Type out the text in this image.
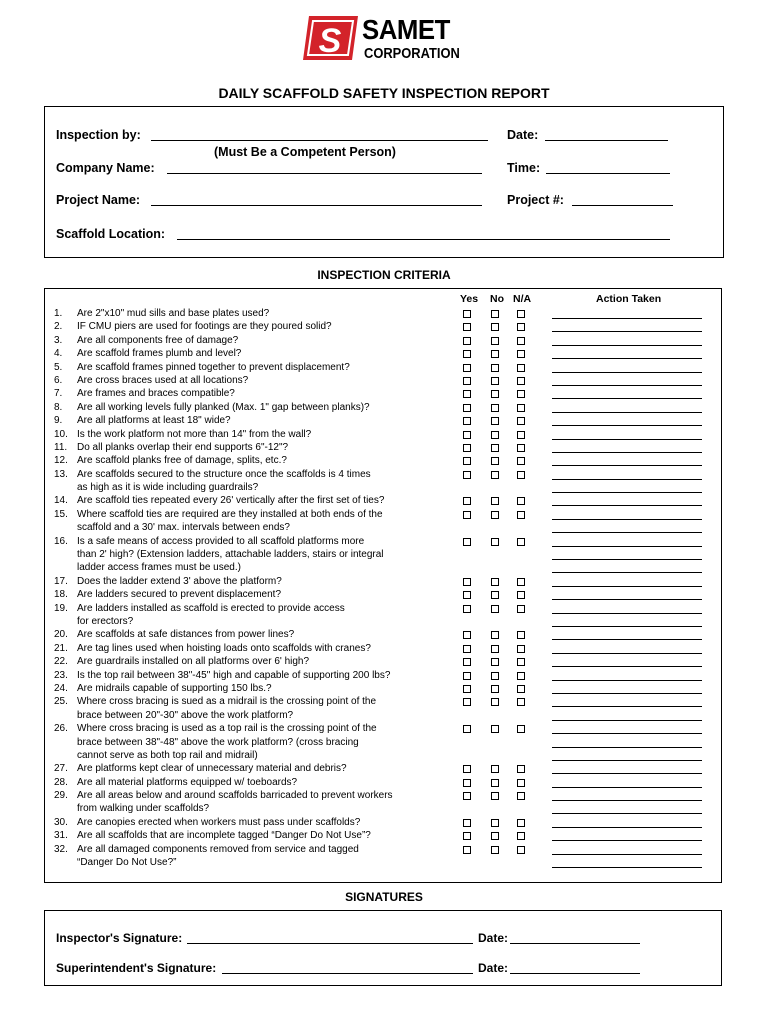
S SAMET
CORPORATION
DAILY SCAFFOLD SAFETY INSPECTION REPORT
Inspection by:	Date:
(Must Be a Competent Person)
Company Name:	Time:
Project Name:	Project #:
Scaffold Location:
INSPECTION CRITERIA
Yes No N/A	Action Taken
1.	Are 2"x10" mud sills and base plates used?
2.	IF CMU piers are used for footings are they poured solid?
3.	Are all components free of damage?
4.	Are scaffold frames plumb and level?
5.	Are scaffold frames pinned together to prevent displacement?
6.	Are cross braces used at all locations?
7.	Are frames and braces compatible?
8.	Are all working levels fully planked (Max. 1" gap between planks)?
9.	Are all platforms at least 18" wide?
10. Is the work platform not more than 14" from the wall?
11. Do all planks overlap their end supports 6"-12"?
12. Are scaffold planks free of damage, splits, etc.?
13. Are scaffolds secured to the structure once the scaffolds is 4 times
as high as it is wide including guardrails?
14. Are scaffold ties repeated every 26' vertically after the first set of ties?
15. Where scaffold ties are required are they installed at both ends of the
scaffold and a 30' max. intervals between ends?
16. Is a safe means of access provided to all scaffold platforms more
than 2' high? (Extension ladders, attachable ladders, stairs or integral
ladder access frames must be used.)
17. Does the ladder extend 3' above the platform?
18. Are ladders secured to prevent displacement?
19. Are ladders installed as scaffold is erected to provide access
for erectors?
20. Are scaffolds at safe distances from power lines?
21. Are tag lines used when hoisting loads onto scaffolds with cranes?
22. Are guardrails installed on all platforms over 6' high?
23. Is the top rail between 38"-45" high and capable of supporting 200 lbs?
24. Are midrails capable of supporting 150 lbs.?
25. Where cross bracing is sued as a midrail is the crossing point of the
brace between 20"-30" above the work platform?
26. Where cross bracing is used as a top rail is the crossing point of the
brace between 38"-48" above the work platform? (cross bracing
cannot serve as both top rail and midrail)
27. Are platforms kept clear of unnecessary material and debris?
28. Are all material platforms equipped w/ toeboards?
29. Are all areas below and around scaffolds barricaded to prevent workers
from walking under scaffolds?
30. Are canopies erected when workers must pass under scaffolds?
31. Are all scaffolds that are incomplete tagged “Danger Do Not Use”?
32. Are all damaged components removed from service and tagged
“Danger Do Not Use?”
SIGNATURES
Inspector's Signature:	Date:
Superintendent's Signature:	Date:
